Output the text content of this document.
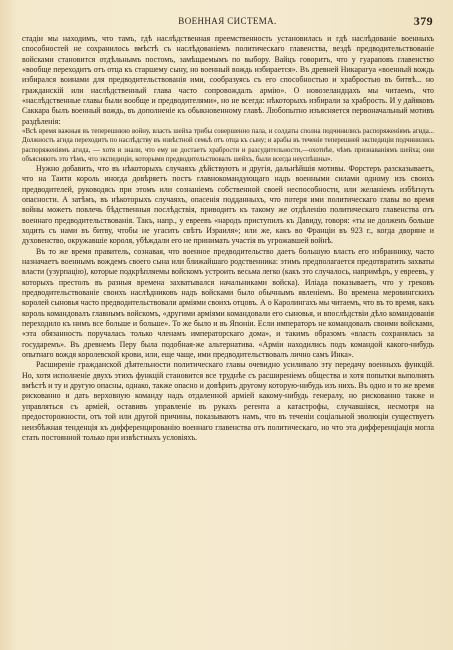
ВОЕННАЯ СИСТЕМА.	379

стадіи мы находимъ, что тамъ, гдѣ наслѣдственная преемственность установилась и гдѣ наслѣдованіе военныхъ способностей не сохранилось вмѣстѣ съ наслѣдованіемъ политическаго главенства, вездѣ предводительствованіе войсками становится отдѣльнымъ постомъ, замѣщаемымъ по выбору. Вайцъ говоритъ, что у гуараповъ главенство «вообще переходитъ отъ отца къ старшему сыну, но военный вождь избирается». Въ древней Никарагуа «военный вождь избирался воинами для предводительствованія ими, сообразуясь съ его способностью и храбростью въ битвѣ... но гражданскій или наслѣдственный глава часто сопровождалъ армію». О новозеландцахъ мы читаемъ, что «наслѣдственные главы были вообще и предводителями», но не всегда: нѣкоторыхъ избирали за храбрость. И у дайяковъ Саккара былъ военный вождь, въ дополненіе къ обыкновенному главѣ. Любопытно изъясняется первоначальный мотивъ раздѣленія:

«Всѣ время важныя въ теперешнюю войну, власть шейха трибы совершенно пала, и солдаты сполна подчинились распоряженіямъ агида... Должность агида переходитъ по наслѣдству въ извѣстной семьѣ отъ отца къ сыну; и арабы въ теченіе теперешней экспедиціи подчинились распоряженіямъ агида, — хотя и знали, что ему не достаетъ храбрости и разсудительности,—охотнѣе, чѣмъ признаваніямъ шейха; они объясняютъ это тѣмъ, что экспедиціи, которыми предводительствовалъ шейхъ, были всегда неуспѣшны».

Нужно добавить, что въ нѣкоторыхъ случаяхъ дѣйствуютъ и другія, дальнѣйшія мотивы. Форстеръ разсказываетъ, что на Таити король иногда довѣряетъ постъ главнокомандующаго надъ военными силами одному изъ своихъ предводителей, руководясь при этомъ или сознаніемъ собственной своей неспособности, или желаніемъ избѣгнуть опасности. А затѣмъ, въ нѣкоторыхъ случаяхъ, опасенія подданныхъ, что потеря ими политическаго главы во время войны можетъ повлечь бѣдственныя послѣдствія, приводитъ къ такому же отдѣленію политическаго главенства отъ военнаго предводительствованія. Такъ, напр., у евреевъ «народъ приступилъ къ Давиду, говоря: «ты не долженъ больше ходить съ нами въ битву, чтобы не угасить свѣтъ Израиля»; или же, какъ во Франціи въ 923 г., когда дворяне и духовенство, окружавшіе короля, убѣждали его не принимать участія въ угрожавшей войнѣ.

Въ то же время правитель, сознавая, что военное предводительство даетъ большую власть его избраннику, часто назначаетъ военнымъ вождемъ своего сына или ближайшаго родственника: этимъ предполагается предотвратить захваты власти (узурпацію), которые подкрѣпляемы войскомъ устроить весьма легко (какъ это случалось, напримѣръ, у евреевъ, у которыхъ престолъ въ разныя времена захватывался начальниками войска). Иліада показываетъ, что у грековъ предводительствованіе своихъ наслѣдниковъ надъ войсками было обычнымъ явленіемъ. Во времена меровингскихъ королей сыновья часто предводительствовали арміями своихъ отцовъ. А о Каролингахъ мы читаемъ, что въ то время, какъ король командовалъ главнымъ войскомъ, «другими арміями командовали его сыновья, и впослѣдствіи дѣло командованія переходило къ нимъ все больше и больше». То же было и въ Японіи. Если императоръ не командовалъ своими войсками, «эта обязанность поручалась только членамъ императорскаго дома», и такимъ образомъ «власть сохранялась за государемъ». Въ древнемъ Перу была подобная-же альтернатива. «Арміи находились подъ командой какого-нибудь опытнаго вождя королевской крови, или, еще чаще, ими предводительствовалъ лично самъ Инка».

Расширеніе гражданской дѣятельности политическаго главы очевидно усиливало эту передачу военныхъ функцій. Но, хотя исполненіе двухъ этихъ функцій становится все труднѣе съ расширеніемъ общества и хотя попытки выполнять вмѣстѣ и ту и другую опасны, однако, также опасно и довѣрить другому которую-нибудь изъ нихъ. Въ одно и то же время рискованно и дать верховную команду надъ отдаленной арміей какому-нибудь генералу, но рискованно также и управляться съ арміей, оставивъ управленіе въ рукахъ регента а катастрофы, случавшіяся, несмотря на предосторожности, отъ той или другой причины, показываютъ намъ, что въ теченіи соціальной эволюціи существуетъ неизбѣжная тенденція къ дифференцированію военнаго главенства отъ политическаго, но что эта дифференціація могла стать постоянной только при извѣстныхъ условіяхъ.
